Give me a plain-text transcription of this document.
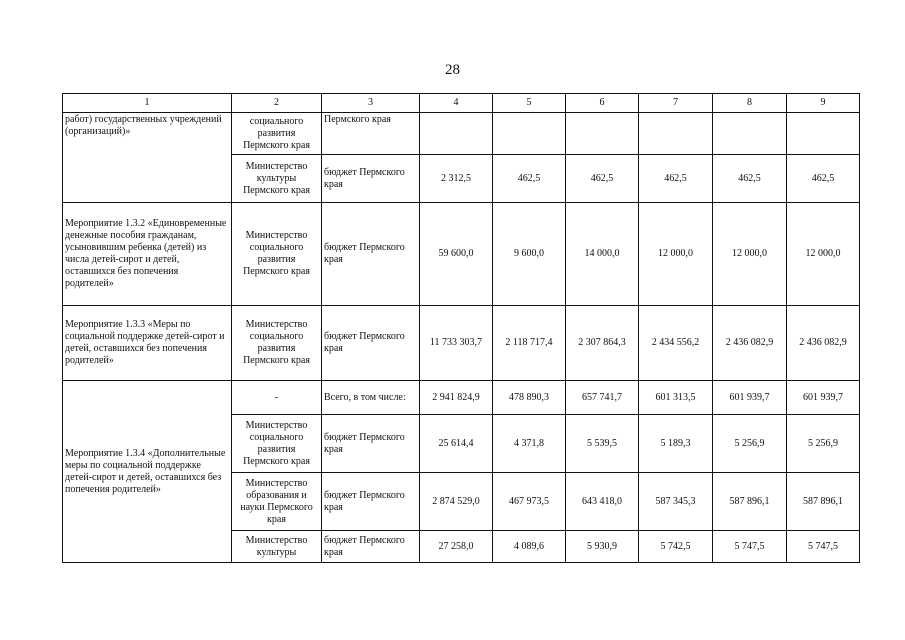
28
1	2	3	4	5	6	7	8	9
работ) государственных учреждений (организаций)»	социального развития Пермского края	Пермского края						
	Министерство культуры Пермского края	бюджет Пермского края	2 312,5	462,5	462,5	462,5	462,5	462,5
Мероприятие 1.3.2 «Единовременные денежные пособия гражданам, усыновившим ребенка (детей) из числа детей-сирот и детей, оставшихся без попечения родителей»	Министерство социального развития Пермского края	бюджет Пермского края	59 600,0	9 600,0	14 000,0	12 000,0	12 000,0	12 000,0
Мероприятие 1.3.3 «Меры по социальной поддержке детей-сирот и детей, оставшихся без попечения родителей»	Министерство социального развития Пермского края	бюджет Пермского края	11 733 303,7	2 118 717,4	2 307 864,3	2 434 556,2	2 436 082,9	2 436 082,9
Мероприятие 1.3.4 «Дополнительные меры по социальной поддержке детей-сирот и детей, оставшихся без попечения родителей»	-	Всего, в том числе:	2 941 824,9	478 890,3	657 741,7	601 313,5	601 939,7	601 939,7
	Министерство социального развития Пермского края	бюджет Пермского края	25 614,4	4 371,8	5 539,5	5 189,3	5 256,9	5 256,9
	Министерство образования и науки Пермского края	бюджет Пермского края	2 874 529,0	467 973,5	643 418,0	587 345,3	587 896,1	587 896,1
	Министерство культуры	бюджет Пермского края	27 258,0	4 089,6	5 930,9	5 742,5	5 747,5	5 747,5
